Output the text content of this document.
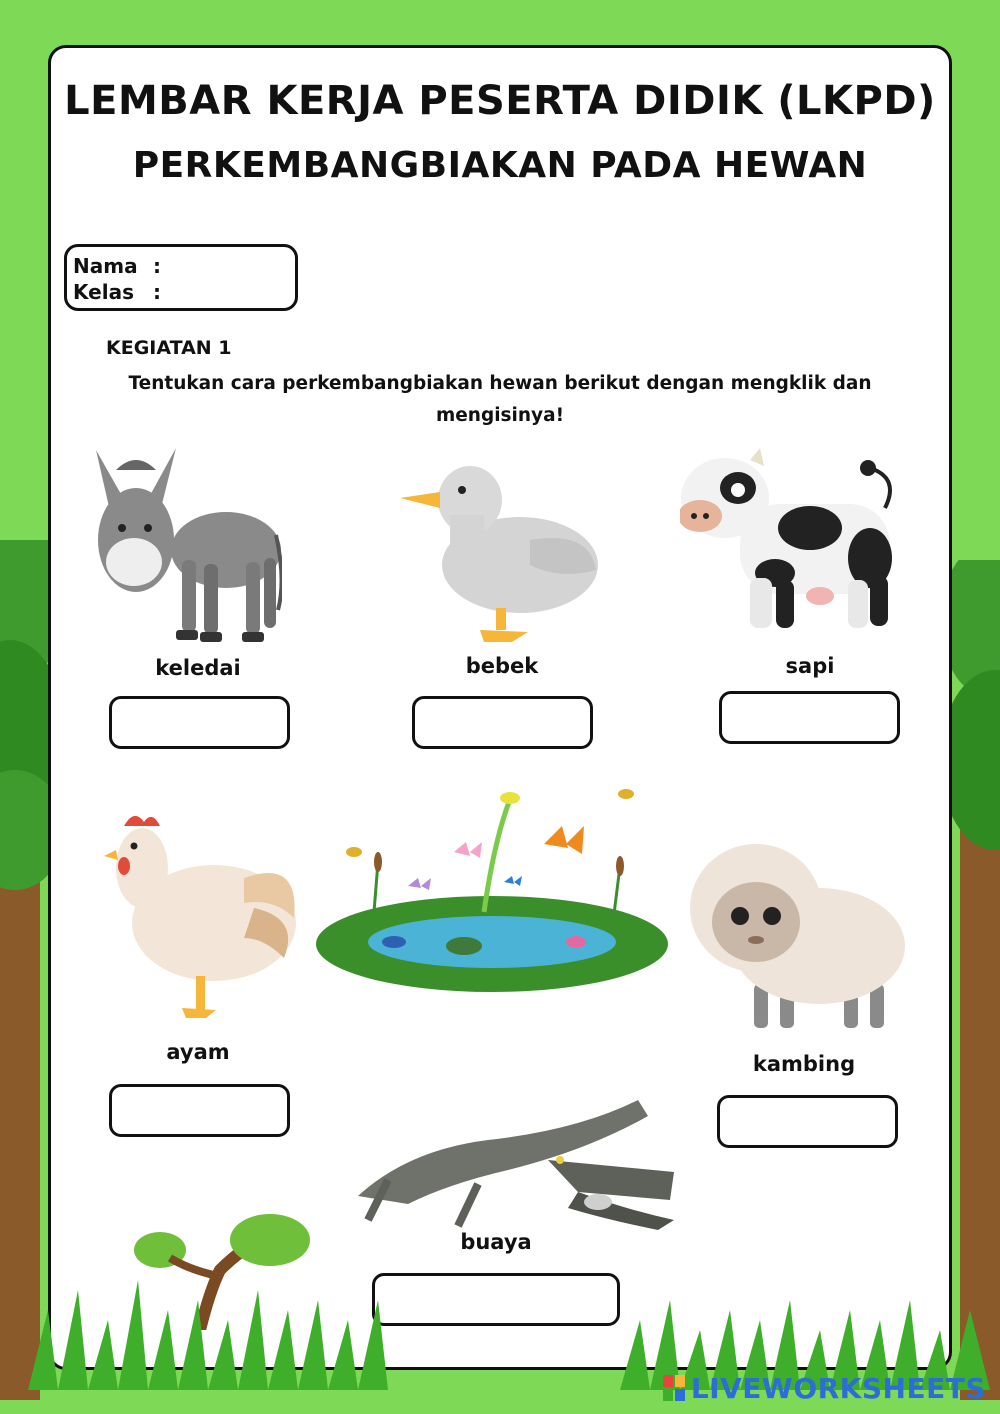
LEMBAR KERJA PESERTA DIDIK (LKPD)
PERKEMBANGBIAKAN PADA HEWAN
Nama :
Kelas :
KEGIATAN 1
Tentukan cara perkembangbiakan hewan berikut dengan mengklik dan mengisinya!
keledai	bebek	sapi
ayam	kambing
buaya
LIVEWORKSHEETS
